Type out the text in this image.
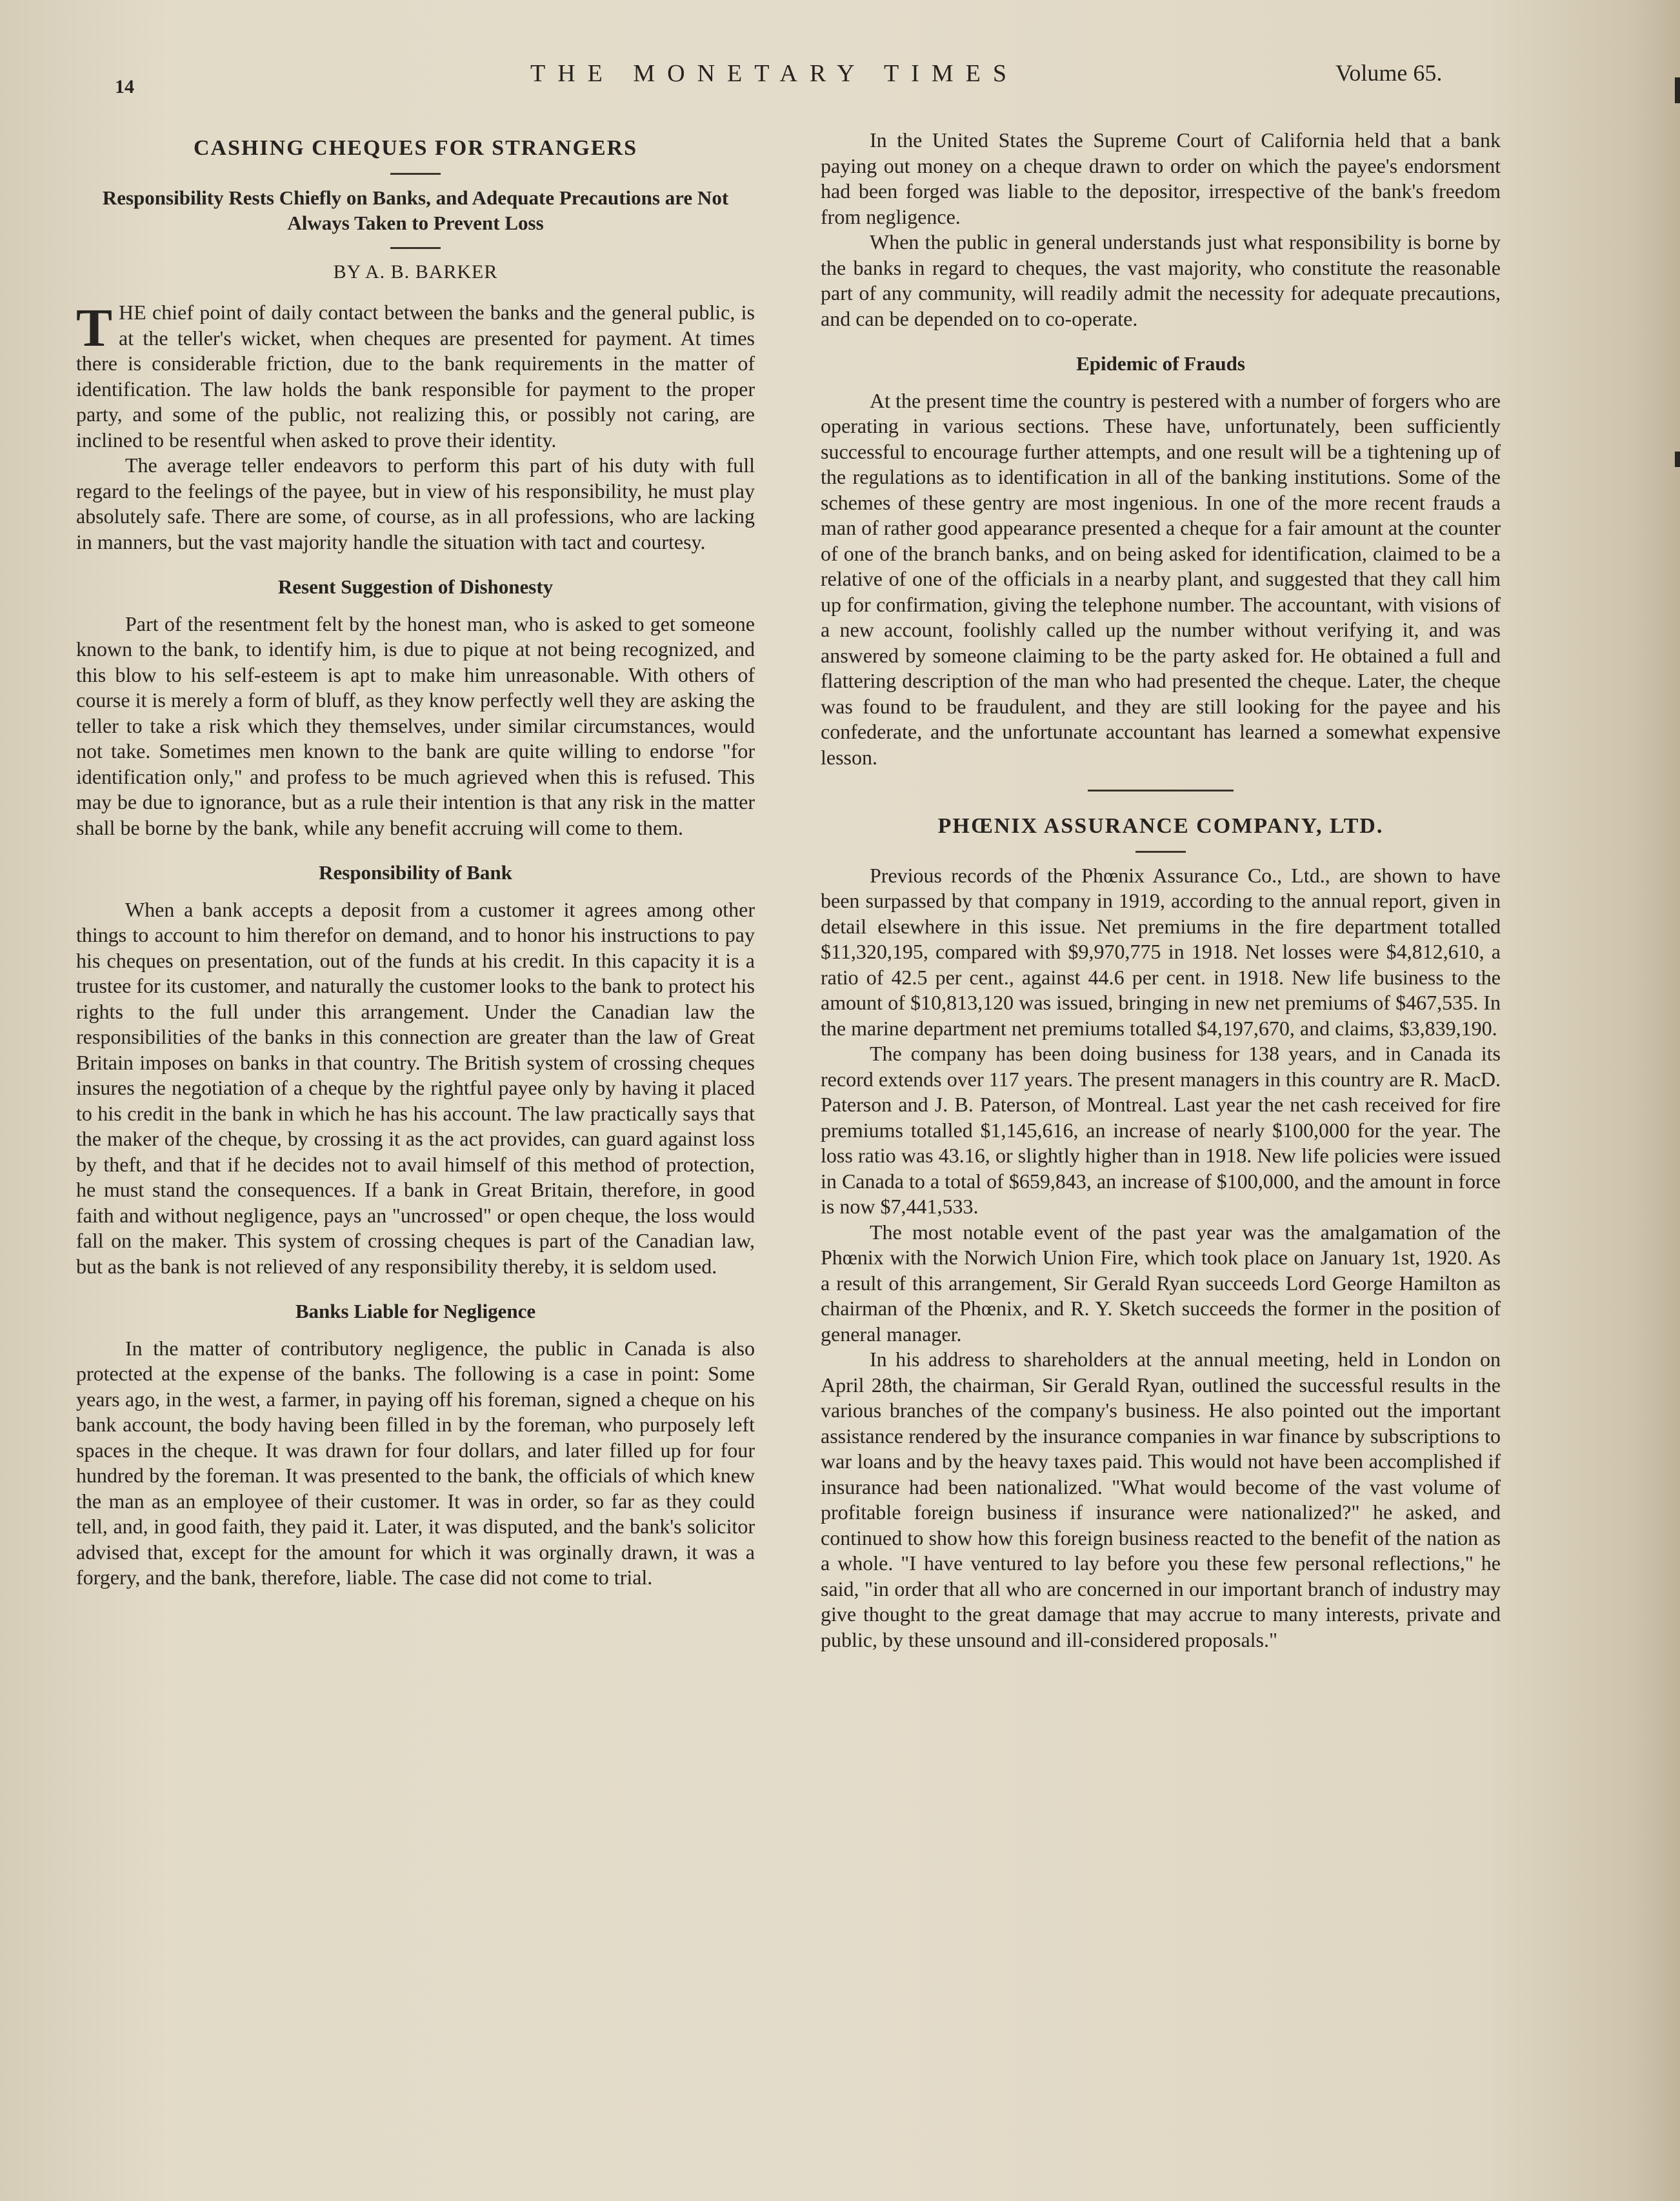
14	THE MONETARY TIMES	Volume 65.
CASHING CHEQUES FOR STRANGERS
Responsibility Rests Chiefly on Banks, and Adequate Precautions are Not Always Taken to Prevent Loss
BY A. B. BARKER

THE chief point of daily contact between the banks and the general public, is at the teller's wicket, when cheques are presented for payment. At times there is considerable friction, due to the bank requirements in the matter of identification. The law holds the bank responsible for payment to the proper party, and some of the public, not realizing this, or possibly not caring, are inclined to be resentful when asked to prove their identity.

The average teller endeavors to perform this part of his duty with full regard to the feelings of the payee, but in view of his responsibility, he must play absolutely safe. There are some, of course, as in all professions, who are lacking in manners, but the vast majority handle the situation with tact and courtesy.

Resent Suggestion of Dishonesty

Part of the resentment felt by the honest man, who is asked to get someone known to the bank, to identify him, is due to pique at not being recognized, and this blow to his self-esteem is apt to make him unreasonable. With others of course it is merely a form of bluff, as they know perfectly well they are asking the teller to take a risk which they themselves, under similar circumstances, would not take. Sometimes men known to the bank are quite willing to endorse "for identification only," and profess to be much agrieved when this is refused. This may be due to ignorance, but as a rule their intention is that any risk in the matter shall be borne by the bank, while any benefit accruing will come to them.

Responsibility of Bank

When a bank accepts a deposit from a customer it agrees among other things to account to him therefor on demand, and to honor his instructions to pay his cheques on presentation, out of the funds at his credit. In this capacity it is a trustee for its customer, and naturally the customer looks to the bank to protect his rights to the full under this arrangement. Under the Canadian law the responsibilities of the banks in this connection are greater than the law of Great Britain imposes on banks in that country. The British system of crossing cheques insures the negotiation of a cheque by the rightful payee only by having it placed to his credit in the bank in which he has his account. The law practically says that the maker of the cheque, by crossing it as the act provides, can guard against loss by theft, and that if he decides not to avail himself of this method of protection, he must stand the consequences. If a bank in Great Britain, therefore, in good faith and without negligence, pays an "uncrossed" or open cheque, the loss would fall on the maker. This system of crossing cheques is part of the Canadian law, but as the bank is not relieved of any responsibility thereby, it is seldom used.

Banks Liable for Negligence

In the matter of contributory negligence, the public in Canada is also protected at the expense of the banks. The following is a case in point: Some years ago, in the west, a farmer, in paying off his foreman, signed a cheque on his bank account, the body having been filled in by the foreman, who purposely left spaces in the cheque. It was drawn for four dollars, and later filled up for four hundred by the foreman. It was presented to the bank, the officials of which knew the man as an employee of their customer. It was in order, so far as they could tell, and, in good faith, they paid it. Later, it was disputed, and the bank's solicitor advised that, except for the amount for which it was orginally drawn, it was a forgery, and the bank, therefore, liable. The case did not come to trial.

In the United States the Supreme Court of California held that a bank paying out money on a cheque drawn to order on which the payee's endorsment had been forged was liable to the depositor, irrespective of the bank's freedom from negligence.

When the public in general understands just what responsibility is borne by the banks in regard to cheques, the vast majority, who constitute the reasonable part of any community, will readily admit the necessity for adequate precautions, and can be depended on to co-operate.

Epidemic of Frauds

At the present time the country is pestered with a number of forgers who are operating in various sections. These have, unfortunately, been sufficiently successful to encourage further attempts, and one result will be a tightening up of the regulations as to identification in all of the banking institutions. Some of the schemes of these gentry are most ingenious. In one of the more recent frauds a man of rather good appearance presented a cheque for a fair amount at the counter of one of the branch banks, and on being asked for identification, claimed to be a relative of one of the officials in a nearby plant, and suggested that they call him up for confirmation, giving the telephone number. The accountant, with visions of a new account, foolishly called up the number without verifying it, and was answered by someone claiming to be the party asked for. He obtained a full and flattering description of the man who had presented the cheque. Later, the cheque was found to be fraudulent, and they are still looking for the payee and his confederate, and the unfortunate accountant has learned a somewhat expensive lesson.

PHŒNIX ASSURANCE COMPANY, LTD.

Previous records of the Phœnix Assurance Co., Ltd., are shown to have been surpassed by that company in 1919, according to the annual report, given in detail elsewhere in this issue. Net premiums in the fire department totalled $11,320,195, compared with $9,970,775 in 1918. Net losses were $4,812,610, a ratio of 42.5 per cent., against 44.6 per cent. in 1918. New life business to the amount of $10,813,120 was issued, bringing in new net premiums of $467,535. In the marine department net premiums totalled $4,197,670, and claims, $3,839,190.

The company has been doing business for 138 years, and in Canada its record extends over 117 years. The present managers in this country are R. MacD. Paterson and J. B. Paterson, of Montreal. Last year the net cash received for fire premiums totalled $1,145,616, an increase of nearly $100,000 for the year. The loss ratio was 43.16, or slightly higher than in 1918. New life policies were issued in Canada to a total of $659,843, an increase of $100,000, and the amount in force is now $7,441,533.

The most notable event of the past year was the amalgamation of the Phœnix with the Norwich Union Fire, which took place on January 1st, 1920. As a result of this arrangement, Sir Gerald Ryan succeeds Lord George Hamilton as chairman of the Phœnix, and R. Y. Sketch succeeds the former in the position of general manager.

In his address to shareholders at the annual meeting, held in London on April 28th, the chairman, Sir Gerald Ryan, outlined the successful results in the various branches of the company's business. He also pointed out the important assistance rendered by the insurance companies in war finance by subscriptions to war loans and by the heavy taxes paid. This would not have been accomplished if insurance had been nationalized. "What would become of the vast volume of profitable foreign business if insurance were nationalized?" he asked, and continued to show how this foreign business reacted to the benefit of the nation as a whole. "I have ventured to lay before you these few personal reflections," he said, "in order that all who are concerned in our important branch of industry may give thought to the great damage that may accrue to many interests, private and public, by these unsound and ill-considered proposals."
